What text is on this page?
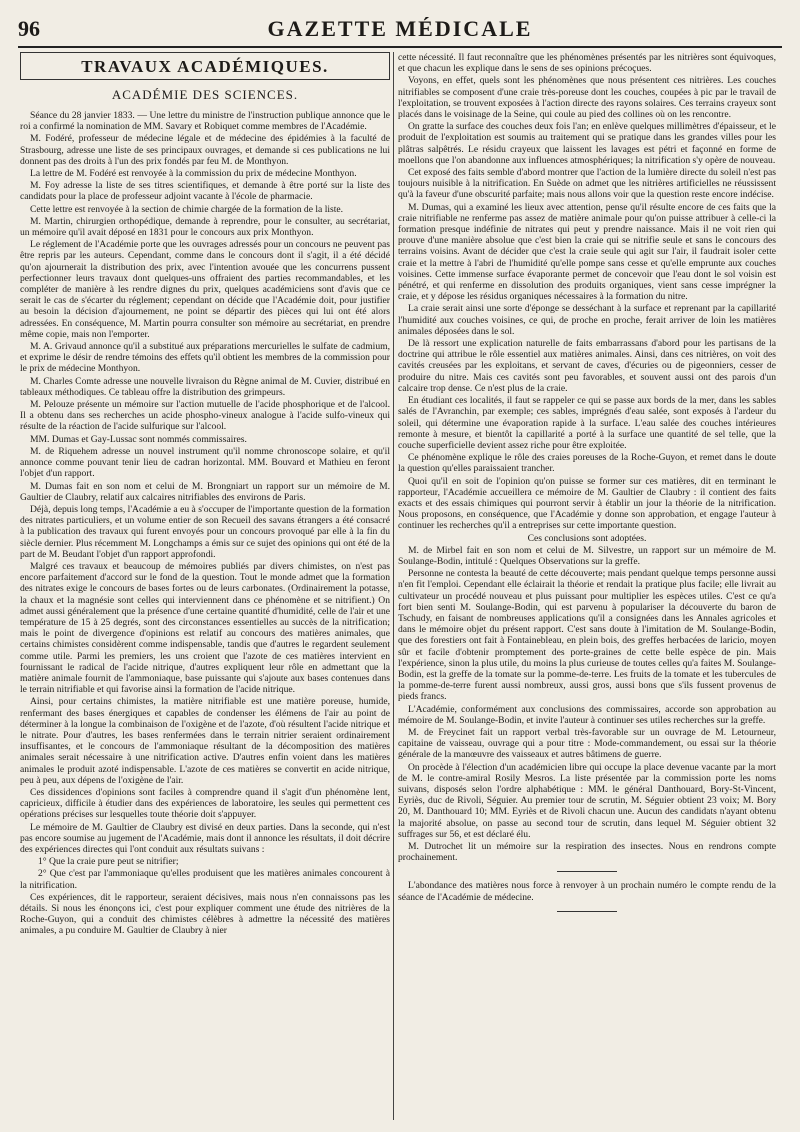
96	GAZETTE MÉDICALE
TRAVAUX ACADÉMIQUES.
ACADÉMIE DES SCIENCES.

Séance du 28 janvier 1833. — Une lettre du ministre de l'instruction publique annonce que le roi a confirmé la nomination de MM. Savary et Robiquet comme membres de l'Académie.

M. Fodéré, professeur de médecine légale et de médecine des épidémies à la faculté de Strasbourg, adresse une liste de ses principaux ouvrages, et demande si ces publications ne lui donnent pas des droits à l'un des prix fondés par feu M. de Monthyon.

La lettre de M. Fodéré est renvoyée à la commission du prix de médecine Monthyon.

M. Foy adresse la liste de ses titres scientifiques, et demande à être porté sur la liste des candidats pour la place de professeur adjoint vacante à l'école de pharmacie.

Cette lettre est renvoyée à la section de chimie chargée de la formation de la liste.

M. Martin, chirurgien orthopédique, demande à reprendre, pour le consulter, au secrétariat, un mémoire qu'il avait déposé en 1831 pour le concours aux prix Monthyon.

Le réglement de l'Académie porte que les ouvrages adressés pour un concours ne peuvent pas être repris par les auteurs. Cependant, comme dans le concours dont il s'agit, il a été décidé qu'on ajournerait la distribution des prix, avec l'intention avouée que les concurrens pussent perfectionner leurs travaux dont quelques-uns offraient des parties recommandables, et les compléter de manière à les rendre dignes du prix, quelques académiciens sont d'avis que ce serait le cas de s'écarter du réglement; cependant on décide que l'Académie doit, pour justifier au besoin la décision d'ajournement, ne point se départir des pièces qui lui ont été alors adressées. En conséquence, M. Martin pourra consulter son mémoire au secrétariat, en prendre même copie, mais non l'emporter.

M. A. Grivaud annonce qu'il a substitué aux préparations mercurielles le sulfate de cadmium, et exprime le désir de rendre témoins des effets qu'il obtient les membres de la commission pour le prix de médecine Monthyon.

M. Charles Comte adresse une nouvelle livraison du Règne animal de M. Cuvier, distribué en tableaux méthodiques. Ce tableau offre la distribution des grimpeurs.

M. Pelouze présente un mémoire sur l'action mutuelle de l'acide phosphorique et de l'alcool. Il a obtenu dans ses recherches un acide phospho-vineux analogue à l'acide sulfo-vineux qui résulte de la réaction de l'acide sulfurique sur l'alcool.

MM. Dumas et Gay-Lussac sont nommés commissaires.

M. de Riquehem adresse un nouvel instrument qu'il nomme chronoscope solaire, et qu'il annonce comme pouvant tenir lieu de cadran horizontal. MM. Bouvard et Mathieu en feront l'objet d'un rapport.

M. Dumas fait en son nom et celui de M. Brongniart un rapport sur un mémoire de M. Gaultier de Claubry, relatif aux calcaires nitrifiables des environs de Paris.

Déjà, depuis long temps, l'Académie a eu à s'occuper de l'importante question de la formation des nitrates particuliers, et un volume entier de son Recueil des savans étrangers a été consacré à la publication des travaux qui furent envoyés pour un concours provoqué par elle à la fin du siècle dernier. Plus récemment M. Longchamps a émis sur ce sujet des opinions qui ont été de la part de M. Beudant l'objet d'un rapport approfondi.

Malgré ces travaux et beaucoup de mémoires publiés par divers chimistes, on n'est pas encore parfaitement d'accord sur le fond de la question. Tout le monde admet que la formation des nitrates exige le concours de bases fortes ou de leurs carbonates. (Ordinairement la potasse, la chaux et la magnésie sont celles qui interviennent dans ce phénomène et se nitrifient.) On admet aussi généralement que la présence d'une certaine quantité d'humidité, celle de l'air et une température de 15 à 25 degrés, sont des circonstances essentielles au succès de la nitrification; mais le point de divergence d'opinions est relatif au concours des matières animales, que certains chimistes considèrent comme indispensable, tandis que d'autres le regardent seulement comme utile. Parmi les premiers, les uns croient que l'azote de ces matières intervient en fournissant le radical de l'acide nitrique, d'autres expliquent leur rôle en admettant que la matière animale fournit de l'ammoniaque, base puissante qui s'ajoute aux bases contenues dans le terrain nitrifiable et qui favorise ainsi la formation de l'acide nitrique.

Ainsi, pour certains chimistes, la matière nitrifiable est une matière poreuse, humide, renfermant des bases énergiques et capables de condenser les élémens de l'air au point de déterminer à la longue la combinaison de l'oxigène et de l'azote, d'où résultent l'acide nitrique et le nitrate. Pour d'autres, les bases renfermées dans le terrain nitrier seraient ordinairement insuffisantes, et le concours de l'ammoniaque résultant de la décomposition des matières animales serait nécessaire à une nitrification active. D'autres enfin voient dans les matières animales le produit azoté indispensable. L'azote de ces matières se convertit en acide nitrique, peu à peu, aux dépens de l'oxigène de l'air.

Ces dissidences d'opinions sont faciles à comprendre quand il s'agit d'un phénomène lent, capricieux, difficile à étudier dans des expériences de laboratoire, les seules qui permettent ces opérations précises sur lesquelles toute théorie doit s'appuyer.

Le mémoire de M. Gaultier de Claubry est divisé en deux parties. Dans la seconde, qui n'est pas encore soumise au jugement de l'Académie, mais dont il annonce les résultats, il doit décrire des expériences directes qui l'ont conduit aux résultats suivans :

1° Que la craie pure peut se nitrifier;

2° Que c'est par l'ammoniaque qu'elles produisent que les matières animales concourent à la nitrification.

Ces expériences, dit le rapporteur, seraient décisives, mais nous n'en connaissons pas les détails. Si nous les énonçons ici, c'est pour expliquer comment une étude des nitrières de la Roche-Guyon, qui a conduit des chimistes célèbres à admettre la nécessité des matières animales, a pu conduire M. Gaultier de Claubry à nier

cette nécessité. Il faut reconnaître que les phénomènes présentés par les nitrières sont équivoques, et que chacun les explique dans le sens de ses opinions précoçues.

Voyons, en effet, quels sont les phénomènes que nous présentent ces nitrières. Les couches nitrifiables se composent d'une craie très-poreuse dont les couches, coupées à pic par le travail de l'exploitation, se trouvent exposées à l'action directe des rayons solaires. Ces terrains crayeux sont placés dans le voisinage de la Seine, qui coule au pied des collines où on les rencontre.

On gratte la surface des couches deux fois l'an; en enlève quelques millimètres d'épaisseur, et le produit de l'exploitation est soumis au traitement qui se pratique dans les grandes villes pour les plâtras salpêtrés. Le résidu crayeux que laissent les lavages est pétri et façonné en forme de moellons que l'on abandonne aux influences atmosphériques; la nitrification s'y opère de nouveau.

Cet exposé des faits semble d'abord montrer que l'action de la lumière directe du soleil n'est pas toujours nuisible à la nitrification. En Suède on admet que les nitrières artificielles ne réussissent qu'à la faveur d'une obscurité parfaite; mais nous allons voir que la question reste encore indécise.

M. Dumas, qui a examiné les lieux avec attention, pense qu'il résulte encore de ces faits que la craie nitrifiable ne renferme pas assez de matière animale pour qu'on puisse attribuer à celle-ci la formation presque indéfinie de nitrates qui peut y prendre naissance. Mais il ne voit rien qui prouve d'une manière absolue que c'est bien la craie qui se nitrifie seule et sans le concours des terrains voisins. Avant de décider que c'est la craie seule qui agit sur l'air, il faudrait isoler cette craie et la mettre à l'abri de l'humidité qu'elle pompe sans cesse et qu'elle emprunte aux couches voisines. Cette immense surface évaporante permet de concevoir que l'eau dont le sol voisin est pénétré, et qui renferme en dissolution des produits organiques, vient sans cesse imprégner la craie, et y dépose les résidus organiques nécessaires à la formation du nitre.

La craie serait ainsi une sorte d'éponge se desséchant à la surface et reprenant par la capillarité l'humidité aux couches voisines, ce qui, de proche en proche, ferait arriver de loin les matières animales déposées dans le sol.

De là ressort une explication naturelle de faits embarrassans d'abord pour les partisans de la doctrine qui attribue le rôle essentiel aux matières animales. Ainsi, dans ces nitrières, on voit des cavités creusées par les exploitans, et servant de caves, d'écuries ou de pigeonniers, cesser de produire du nitre. Mais ces cavités sont peu favorables, et souvent aussi ont des parois d'un calcaire trop dense. Ce n'est plus de la craie.

En étudiant ces localités, il faut se rappeler ce qui se passe aux bords de la mer, dans les sables salés de l'Avranchin, par exemple; ces sables, imprégnés d'eau salée, sont exposés à l'ardeur du soleil, qui détermine une évaporation rapide à la surface. L'eau salée des couches intérieures remonte à mesure, et bientôt la capillarité a porté à la surface une quantité de sel telle, que la couche superficielle devient assez riche pour être exploitée.

Ce phénomène explique le rôle des craies poreuses de la Roche-Guyon, et remet dans le doute la question qu'elles paraissaient trancher.

Quoi qu'il en soit de l'opinion qu'on puisse se former sur ces matières, dit en terminant le rapporteur, l'Académie accueillera ce mémoire de M. Gaultier de Claubry : il contient des faits exacts et des essais chimiques qui pourront servir à établir un jour la théorie de la nitrification. Nous proposons, en conséquence, que l'Académie y donne son approbation, et engage l'auteur à continuer les recherches qu'il a entreprises sur cette importante question.

Ces conclusions sont adoptées.

M. de Mirbel fait en son nom et celui de M. Silvestre, un rapport sur un mémoire de M. Soulange-Bodin, intitulé : Quelques Observations sur la greffe.

Personne ne contesta la beauté de cette découverte; mais pendant quelque temps personne aussi n'en fit l'emploi. Cependant elle éclairait la théorie et rendait la pratique plus facile; elle livrait au cultivateur un procédé nouveau et plus puissant pour multiplier les espèces utiles. C'est ce qu'a fort bien senti M. Soulange-Bodin, qui est parvenu à populariser la découverte du baron de Tschudy, en faisant de nombreuses applications qu'il a consignées dans les Annales agricoles et dans le mémoire objet du présent rapport. C'est sans doute à l'imitation de M. Soulange-Bodin, que des forestiers ont fait à Fontainebleau, en plein bois, des greffes herbacées de laricio, moyen sûr et facile d'obtenir promptement des porte-graines de cette belle espèce de pin. Mais l'expérience, sinon la plus utile, du moins la plus curieuse de toutes celles qu'a faites M. Soulange-Bodin, est la greffe de la tomate sur la pomme-de-terre. Les fruits de la tomate et les tubercules de la pomme-de-terre furent aussi nombreux, aussi gros, aussi bons que s'ils fussent provenus de pieds francs.

L'Académie, conformément aux conclusions des commissaires, accorde son approbation au mémoire de M. Soulange-Bodin, et invite l'auteur à continuer ses utiles recherches sur la greffe.

M. de Freycinet fait un rapport verbal très-favorable sur un ouvrage de M. Letourneur, capitaine de vaisseau, ouvrage qui a pour titre : Mode-commandement, ou essai sur la théorie générale de la manœuvre des vaisseaux et autres bâtimens de guerre.

On procède à l'élection d'un académicien libre qui occupe la place devenue vacante par la mort de M. le contre-amiral Rosily Mesros. La liste présentée par la commission porte les noms suivans, disposés selon l'ordre alphabétique : MM. le général Danthouard, Bory-St-Vincent, Eyriès, duc de Rivoli, Séguier. Au premier tour de scrutin, M. Séguier obtient 23 voix; M. Bory 20, M. Danthouard 10; MM. Eyriès et de Rivoli chacun une. Aucun des candidats n'ayant obtenu la majorité absolue, on passe au second tour de scrutin, dans lequel M. Séguier obtient 32 suffrages sur 56, et est déclaré élu.

M. Dutrochet lit un mémoire sur la respiration des insectes. Nous en rendrons compte prochainement.

L'abondance des matières nous force à renvoyer à un prochain numéro le compte rendu de la séance de l'Académie de médecine.
